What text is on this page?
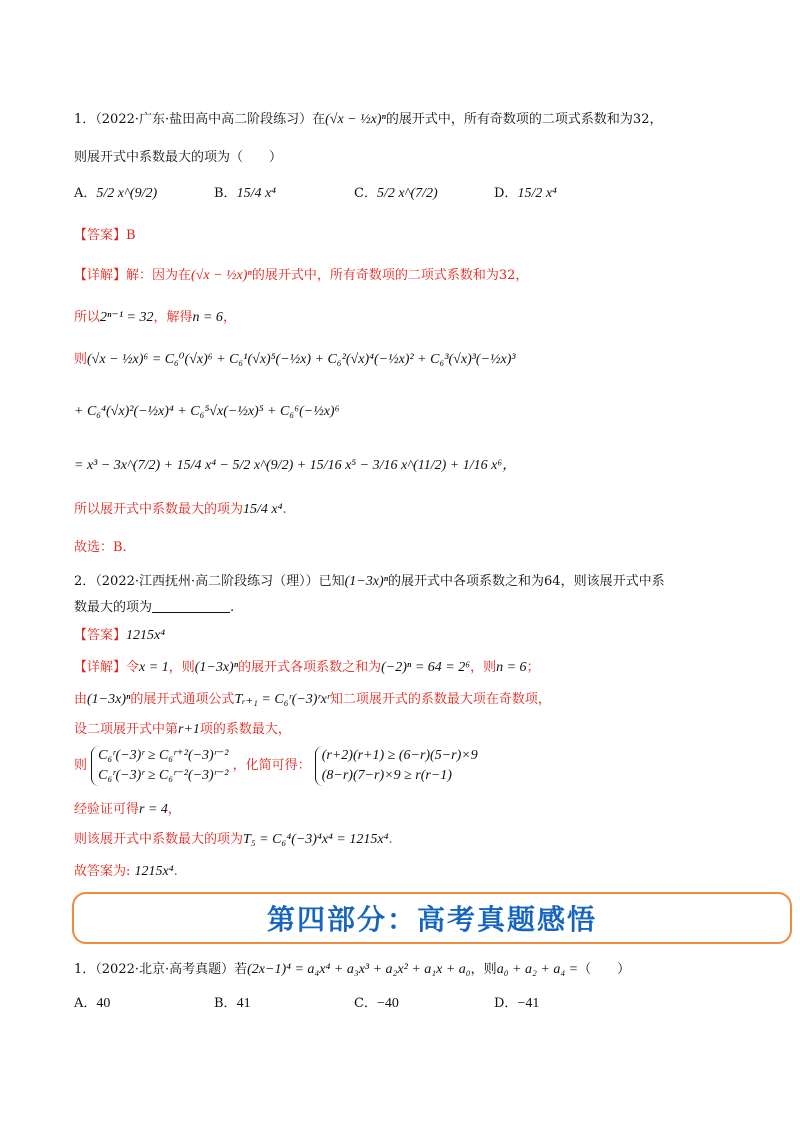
1．（2022·广东·盐田高中高二阶段练习）在(√x − ½x)ⁿ的展开式中，所有奇数项的二项式系数和为32，
则展开式中系数最大的项为（　　）
A．5/2 x^(9/2)	B．15/4 x⁴	C．5/2 x^(7/2)	D．15/2 x⁴
【答案】B
【详解】解：因为在(√x − ½x)ⁿ的展开式中，所有奇数项的二项式系数和为32，
所以2ⁿ⁻¹ = 32，解得n = 6，
则(√x − ½x)⁶ = C₆⁰(√x)⁶ + C₆¹(√x)⁵(−½x) + C₆²(√x)⁴(−½x)² + C₆³(√x)³(−½x)³
+ C₆⁴(√x)²(−½x)⁴ + C₆⁵√x(−½x)⁵ + C₆⁶(−½x)⁶
= x³ − 3x^(7/2) + 15/4 x⁴ − 5/2 x^(9/2) + 15/16 x⁵ − 3/16 x^(11/2) + 1/16 x⁶，
所以展开式中系数最大的项为15/4 x⁴.
故选：B.
2．（2022·江西抚州·高二阶段练习（理））已知(1−3x)ⁿ的展开式中各项系数之和为64，则该展开式中系
数最大的项为	.
【答案】1215x⁴
【详解】令x = 1，则(1−3x)ⁿ的展开式各项系数之和为(−2)ⁿ = 64 = 2⁶，则n = 6；
由(1−3x)ⁿ的展开式通项公式Tᵣ₊₁ = C₆ʳ(−3)ʳxʳ知二项展开式的系数最大项在奇数项，
设二项展开式中第r+1项的系数最大，
则
C₆ʳ(−3)ʳ ≥ C₆ʳ⁺²(−3)ʳ⁻²
C₆ʳ(−3)ʳ ≥ C₆ʳ⁻²(−3)ʳ⁻²
，化简可得：
(r+2)(r+1) ≥ (6−r)(5−r)×9
(8−r)(7−r)×9 ≥ r(r−1)
经验证可得r = 4，
则该展开式中系数最大的项为T₅ = C₆⁴(−3)⁴x⁴ = 1215x⁴.
故答案为: 1215x⁴.
第四部分：高考真题感悟
1．（2022·北京·高考真题）若(2x−1)⁴ = a₄x⁴ + a₃x³ + a₂x² + a₁x + a₀，则a₀ + a₂ + a₄ =（　　）
A．40	B．41	C．−40	D．−41
